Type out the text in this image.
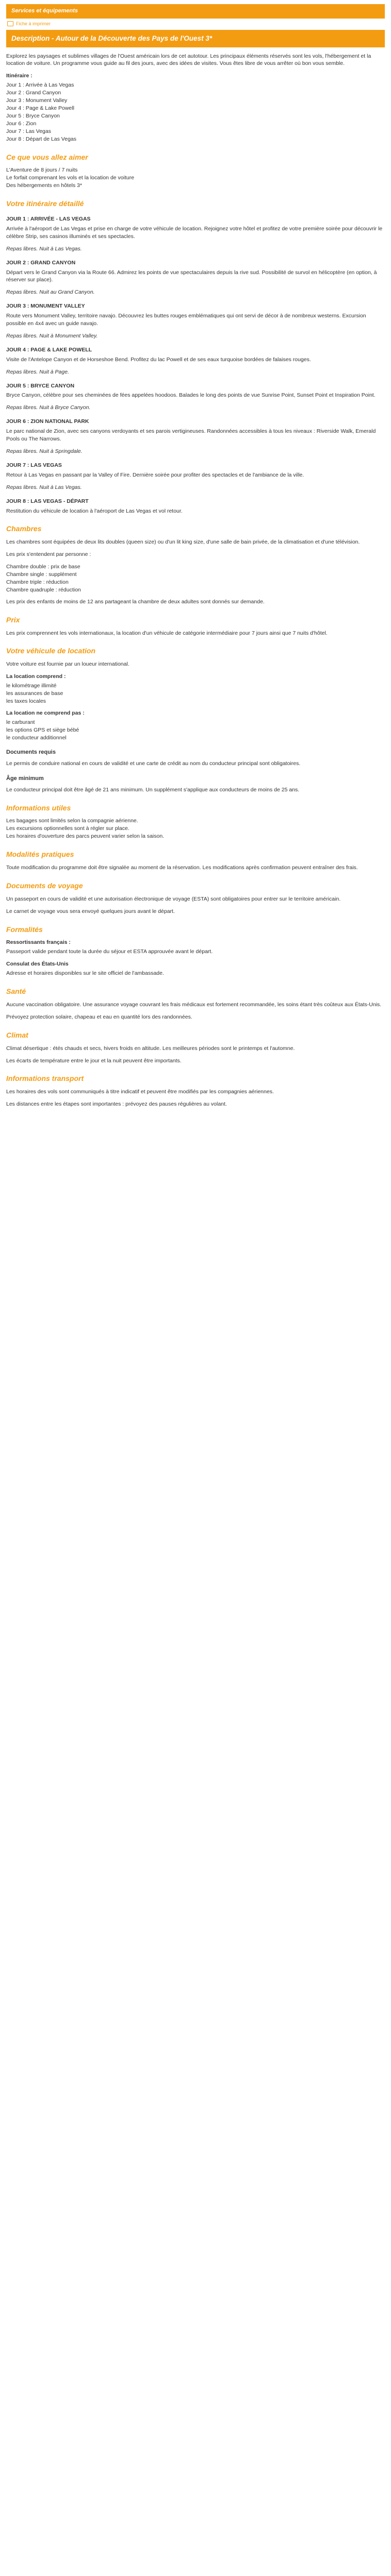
Services et équipements
Fiche à imprimer
Description - Autour de la Découverte des Pays de l'Ouest 3*

Explorez les paysages et sublimes villages de l'Ouest américain lors de cet autotour. Les principaux éléments réservés sont les vols, l'hébergement et la location de voiture. Un programme vous guide au fil des jours, avec des idées de visites. Vous êtes libre de vous arrêter où bon vous semble.

Itinéraire :

Jour 1 : Arrivée à Las Vegas

Jour 2 : Grand Canyon

Jour 3 : Monument Valley

Jour 4 : Page & Lake Powell

Jour 5 : Bryce Canyon

Jour 6 : Zion

Jour 7 : Las Vegas

Jour 8 : Départ de Las Vegas

Ce que vous allez aimer

L'Aventure de 8 jours / 7 nuits

Le forfait comprenant les vols et la location de voiture

Des hébergements en hôtels 3*

Votre itinéraire détaillé

JOUR 1 : ARRIVÉE - LAS VEGAS

Arrivée à l'aéroport de Las Vegas et prise en charge de votre véhicule de location. Rejoignez votre hôtel et profitez de votre première soirée pour découvrir le célèbre Strip, ses casinos illuminés et ses spectacles.

Repas libres. Nuit à Las Vegas.

JOUR 2 : GRAND CANYON

Départ vers le Grand Canyon via la Route 66. Admirez les points de vue spectaculaires depuis la rive sud. Possibilité de survol en hélicoptère (en option, à réserver sur place).

Repas libres. Nuit au Grand Canyon.

JOUR 3 : MONUMENT VALLEY

Route vers Monument Valley, territoire navajo. Découvrez les buttes rouges emblématiques qui ont servi de décor à de nombreux westerns. Excursion possible en 4x4 avec un guide navajo.

Repas libres. Nuit à Monument Valley.

JOUR 4 : PAGE & LAKE POWELL

Visite de l'Antelope Canyon et de Horseshoe Bend. Profitez du lac Powell et de ses eaux turquoise bordées de falaises rouges.

Repas libres. Nuit à Page.

JOUR 5 : BRYCE CANYON

Bryce Canyon, célèbre pour ses cheminées de fées appelées hoodoos. Balades le long des points de vue Sunrise Point, Sunset Point et Inspiration Point.

Repas libres. Nuit à Bryce Canyon.

JOUR 6 : ZION NATIONAL PARK

Le parc national de Zion, avec ses canyons verdoyants et ses parois vertigineuses. Randonnées accessibles à tous les niveaux : Riverside Walk, Emerald Pools ou The Narrows.

Repas libres. Nuit à Springdale.

JOUR 7 : LAS VEGAS

Retour à Las Vegas en passant par la Valley of Fire. Dernière soirée pour profiter des spectacles et de l'ambiance de la ville.

Repas libres. Nuit à Las Vegas.

JOUR 8 : LAS VEGAS - DÉPART

Restitution du véhicule de location à l'aéroport de Las Vegas et vol retour.

Chambres

Les chambres sont équipées de deux lits doubles (queen size) ou d'un lit king size, d'une salle de bain privée, de la climatisation et d'une télévision.

Les prix s'entendent par personne :

Chambre double : prix de base
Chambre single : supplément
Chambre triple : réduction
Chambre quadruple : réduction

Les prix des enfants de moins de 12 ans partageant la chambre de deux adultes sont donnés sur demande.

Prix

Les prix comprennent les vols internationaux, la location d'un véhicule de catégorie intermédiaire pour 7 jours ainsi que 7 nuits d'hôtel.

Votre véhicule de location

Votre voiture est fournie par un loueur international.

La location comprend :

le kilométrage illimité

les assurances de base

les taxes locales

La location ne comprend pas :

le carburant

les options GPS et siège bébé

le conducteur additionnel

Documents requis

Le permis de conduire national en cours de validité et une carte de crédit au nom du conducteur principal sont obligatoires.

Âge minimum

Le conducteur principal doit être âgé de 21 ans minimum. Un supplément s'applique aux conducteurs de moins de 25 ans.

Informations utiles

Les bagages sont limités selon la compagnie aérienne.

Les excursions optionnelles sont à régler sur place.

Les horaires d'ouverture des parcs peuvent varier selon la saison.

Modalités pratiques

Toute modification du programme doit être signalée au moment de la réservation. Les modifications après confirmation peuvent entraîner des frais.

Documents de voyage

Un passeport en cours de validité et une autorisation électronique de voyage (ESTA) sont obligatoires pour entrer sur le territoire américain.

Le carnet de voyage vous sera envoyé quelques jours avant le départ.

Formalités

Ressortissants français :

Passeport valide pendant toute la durée du séjour et ESTA approuvée avant le départ.

Consulat des États-Unis

Adresse et horaires disponibles sur le site officiel de l'ambassade.

Santé

Aucune vaccination obligatoire. Une assurance voyage couvrant les frais médicaux est fortement recommandée, les soins étant très coûteux aux États-Unis.

Prévoyez protection solaire, chapeau et eau en quantité lors des randonnées.

Climat

Climat désertique : étés chauds et secs, hivers froids en altitude. Les meilleures périodes sont le printemps et l'automne.

Les écarts de température entre le jour et la nuit peuvent être importants.

Informations transport

Les horaires des vols sont communiqués à titre indicatif et peuvent être modifiés par les compagnies aériennes.

Les distances entre les étapes sont importantes : prévoyez des pauses régulières au volant.
